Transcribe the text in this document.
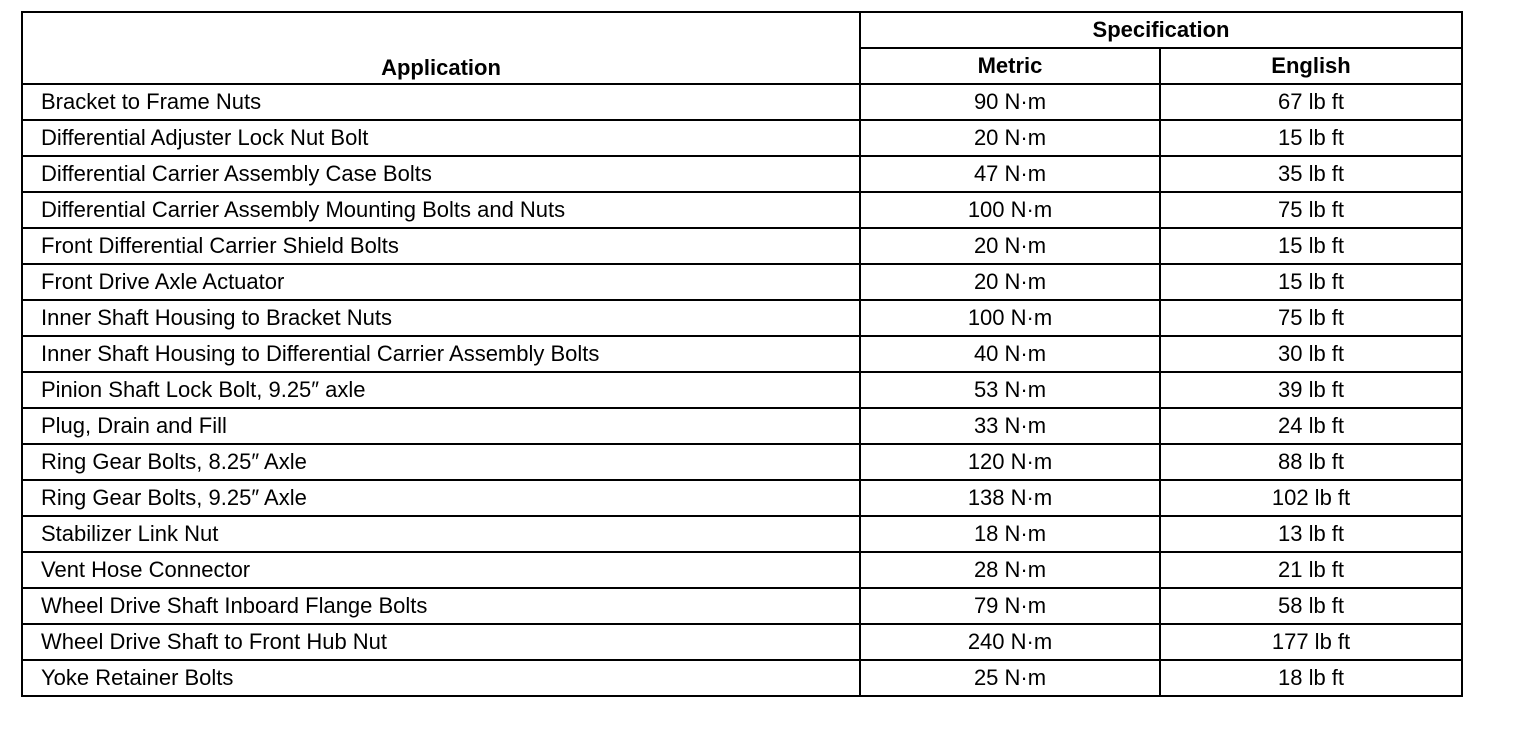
Application	Specification	
	Metric	English
Bracket to Frame Nuts	90 N·m	67 lb ft
Differential Adjuster Lock Nut Bolt	20 N·m	15 lb ft
Differential Carrier Assembly Case Bolts	47 N·m	35 lb ft
Differential Carrier Assembly Mounting Bolts and Nuts	100 N·m	75 lb ft
Front Differential Carrier Shield Bolts	20 N·m	15 lb ft
Front Drive Axle Actuator	20 N·m	15 lb ft
Inner Shaft Housing to Bracket Nuts	100 N·m	75 lb ft
Inner Shaft Housing to Differential Carrier Assembly Bolts	40 N·m	30 lb ft
Pinion Shaft Lock Bolt, 9.25″ axle	53 N·m	39 lb ft
Plug, Drain and Fill	33 N·m	24 lb ft
Ring Gear Bolts, 8.25″ Axle	120 N·m	88 lb ft
Ring Gear Bolts, 9.25″ Axle	138 N·m	102 lb ft
Stabilizer Link Nut	18 N·m	13 lb ft
Vent Hose Connector	28 N·m	21 lb ft
Wheel Drive Shaft Inboard Flange Bolts	79 N·m	58 lb ft
Wheel Drive Shaft to Front Hub Nut	240 N·m	177 lb ft
Yoke Retainer Bolts	25 N·m	18 lb ft
